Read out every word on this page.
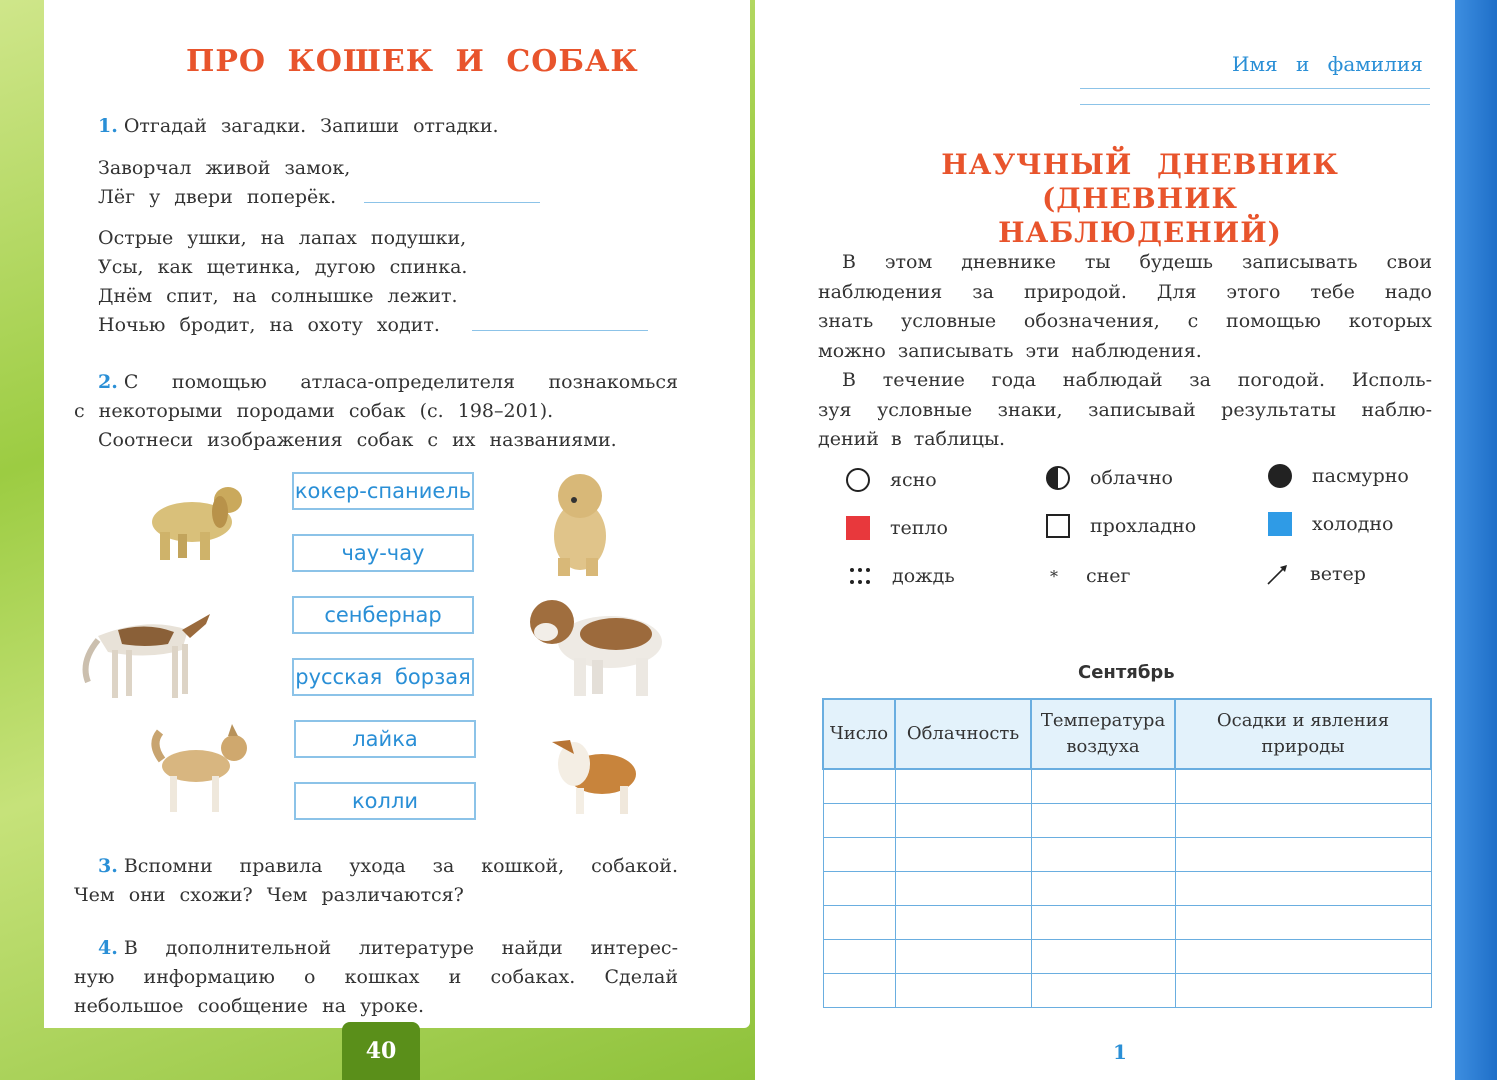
ПРО КОШЕК И СОБАК
1. Отгадай загадки. Запиши отгадки.
Заворчал живой замок,
Лёг у двери поперёк.
Острые ушки, на лапах подушки,
Усы, как щетинка, дугою спинка.
Днём спит, на солнышке лежит.
Ночью бродит, на охоту ходит.
2. С помощью атласа-определителя познакомься
с некоторыми породами собак (с. 198–201).
Соотнеси изображения собак с их названиями.
кокер-спаниель
чау-чау
сенбернар
русская борзая
лайка
колли
3. Вспомни правила ухода за кошкой, собакой.
Чем они схожи? Чем различаются?
4. В дополнительной литературе найди интерес-
ную информацию о кошках и собаках. Сделай
небольшое сообщение на уроке.
40
Имя и фамилия
НАУЧНЫЙ ДНЕВНИК
(ДНЕВНИК НАБЛЮДЕНИЙ)
В этом дневнике ты будешь записывать свои
наблюдения за природой. Для этого тебе надо
знать условные обозначения, с помощью которых
можно записывать эти наблюдения.
В течение года наблюдай за погодой. Исполь-
зуя условные знаки, записывай результаты наблю-
дений в таблицы.
ясно	облачно	пасмурно
тепло	прохладно	холодно
дождь	*	снег	ветер
Сентябрь
Число	Облачность	Температура воздуха	Осадки и явления природы

1
